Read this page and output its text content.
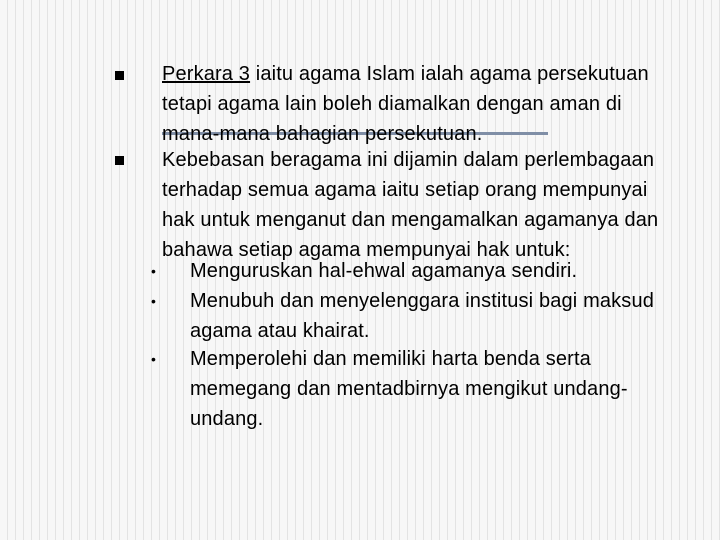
Perkara 3 iaitu agama Islam ialah agama persekutuan
tetapi agama lain boleh diamalkan dengan aman di
mana-mana bahagian persekutuan.
Kebebasan beragama ini dijamin dalam perlembagaan
terhadap semua agama iaitu setiap orang mempunyai
hak untuk menganut dan mengamalkan agamanya dan
bahawa setiap agama mempunyai hak untuk:
• Menguruskan hal-ehwal agamanya sendiri.
• Menubuh dan menyelenggara institusi bagi maksud
agama atau khairat.
• Memperolehi dan memiliki harta benda serta
memegang dan mentadbirnya mengikut undang-
undang.
